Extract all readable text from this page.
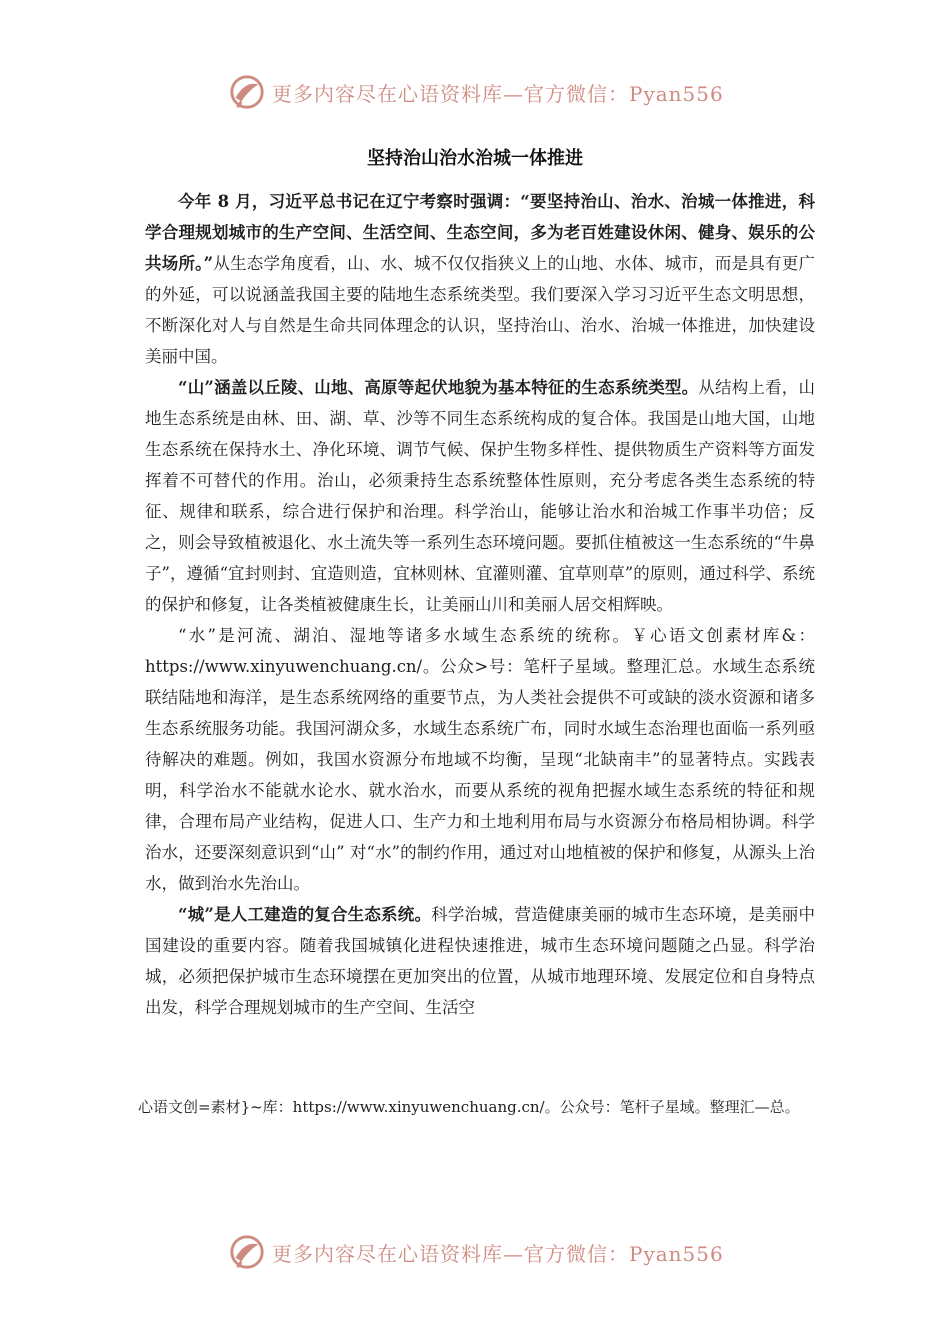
更多内容尽在心语资料库—官方微信：Pyan556
坚持治山治水治城一体推进

今年 8 月，习近平总书记在辽宁考察时强调：“要坚持治山、治水、治城一体推进，科学合理规划城市的生产空间、生活空间、生态空间，多为老百姓建设休闲、健身、娱乐的公共场所。”从生态学角度看，山、水、城不仅仅指狭义上的山地、水体、城市，而是具有更广的外延，可以说涵盖我国主要的陆地生态系统类型。我们要深入学习习近平生态文明思想，不断深化对人与自然是生命共同体理念的认识，坚持治山、治水、治城一体推进，加快建设美丽中国。

“山”涵盖以丘陵、山地、高原等起伏地貌为基本特征的生态系统类型。从结构上看，山地生态系统是由林、田、湖、草、沙等不同生态系统构成的复合体。我国是山地大国，山地生态系统在保持水土、净化环境、调节气候、保护生物多样性、提供物质生产资料等方面发挥着不可替代的作用。治山，必须秉持生态系统整体性原则，充分考虑各类生态系统的特征、规律和联系，综合进行保护和治理。科学治山，能够让治水和治城工作事半功倍；反之，则会导致植被退化、水土流失等一系列生态环境问题。要抓住植被这一生态系统的“牛鼻子”，遵循“宜封则封、宜造则造，宜林则林、宜灌则灌、宜草则草”的原则，通过科学、系统的保护和修复，让各类植被健康生长，让美丽山川和美丽人居交相辉映。

“水”是河流、湖泊、湿地等诸多水域生态系统的统称。￥心语文创素材库&：https://www.xinyuwenchuang.cn/。公众>号：笔杆子星域。整理汇总。水域生态系统联结陆地和海洋，是生态系统网络的重要节点，为人类社会提供不可或缺的淡水资源和诸多生态系统服务功能。我国河湖众多，水域生态系统广布，同时水域生态治理也面临一系列亟待解决的难题。例如，我国水资源分布地域不均衡，呈现“北缺南丰”的显著特点。实践表明，科学治水不能就水论水、就水治水，而要从系统的视角把握水域生态系统的特征和规律，合理布局产业结构，促进人口、生产力和土地利用布局与水资源分布格局相协调。科学治水，还要深刻意识到“山” 对“水”的制约作用，通过对山地植被的保护和修复，从源头上治水，做到治水先治山。

“城”是人工建造的复合生态系统。科学治城，营造健康美丽的城市生态环境，是美丽中国建设的重要内容。随着我国城镇化进程快速推进，城市生态环境问题随之凸显。科学治城，必须把保护城市生态环境摆在更加突出的位置，从城市地理环境、发展定位和自身特点出发，科学合理规划城市的生产空间、生活空

心语文创=素材}~库：https://www.xinyuwenchuang.cn/。公众号：笔杆子星域。整理汇—总。
更多内容尽在心语资料库—官方微信：Pyan556
